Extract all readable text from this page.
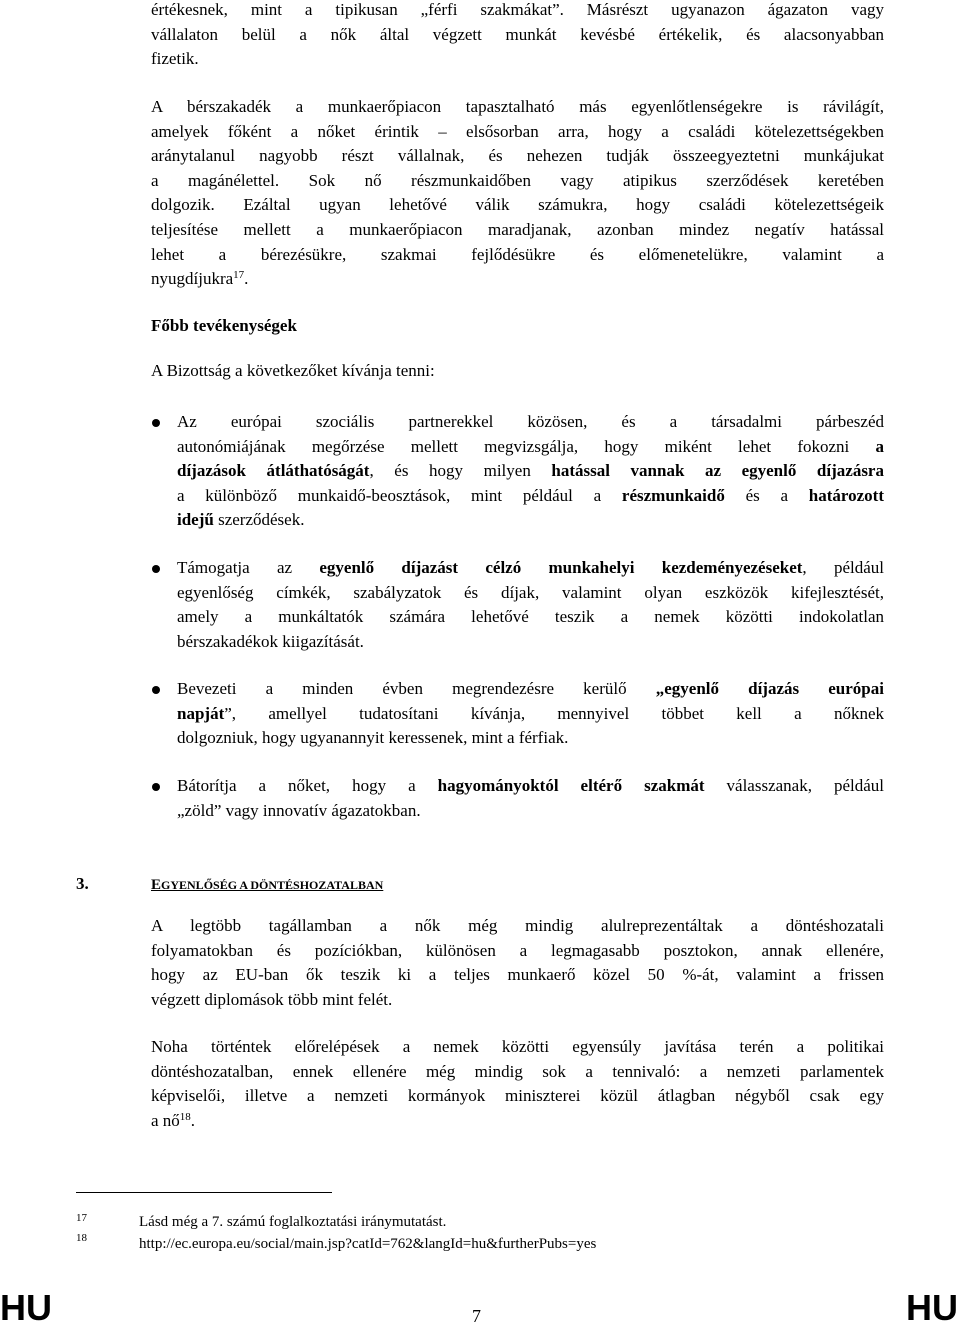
értékesnek, mint a tipikusan „férfi szakmákat”. Másrészt ugyanazon ágazaton vagy
vállalaton belül a nők által végzett munkát kevésbé értékelik, és alacsonyabban
fizetik.
A bérszakadék a munkaerőpiacon tapasztalható más egyenlőtlenségekre is rávilágít,
amelyek főként a nőket érintik – elsősorban arra, hogy a családi kötelezettségekben
aránytalanul nagyobb részt vállalnak, és nehezen tudják összeegyeztetni munkájukat
a magánélettel. Sok nő részmunkaidőben vagy atipikus szerződések keretében
dolgozik. Ezáltal ugyan lehetővé válik számukra, hogy családi kötelezettségeik
teljesítése mellett a munkaerőpiacon maradjanak, azonban mindez negatív hatással
lehet a bérezésükre, szakmai fejlődésükre és előmenetelükre, valamint a
nyugdíjukra$^{17}$.
Főbb tevékenységek
A Bizottság a következőket kívánja tenni:
Az európai szociális partnerekkel közösen, és a társadalmi párbeszéd
autonómiájának megőrzése mellett megvizsgálja, hogy miként lehet fokozni a
díjazások átláthatóságát, és hogy milyen hatással vannak az egyenlő díjazásra
a különböző munkaidő-beosztások, mint például a részmunkaidő és a határozott
idejű szerződések.
Támogatja az egyenlő díjazást célzó munkahelyi kezdeményezéseket, például
egyenlőség címkék, szabályzatok és díjak, valamint olyan eszközök kifejlesztését,
amely a munkáltatók számára lehetővé teszik a nemek közötti indokolatlan
bérszakadékok kiigazítását.
Bevezeti a minden évben megrendezésre kerülő „egyenlő díjazás európai
napját”, amellyel tudatosítani kívánja, mennyivel többet kell a nőknek
dolgozniuk, hogy ugyanannyit keressenek, mint a férfiak.
Bátorítja a nőket, hogy a hagyományoktól eltérő szakmát válasszanak, például
„zöld” vagy innovatív ágazatokban.
3.	EGYENLŐSÉG A DÖNTÉSHOZATALBAN
A legtöbb tagállamban a nők még mindig alulreprezentáltak a döntéshozatali
folyamatokban és pozíciókban, különösen a legmagasabb posztokon, annak ellenére,
hogy az EU-ban ők teszik ki a teljes munkaerő közel 50 %-át, valamint a frissen
végzett diplomások több mint felét.
Noha történtek előrelépések a nemek közötti egyensúly javítása terén a politikai
döntéshozatalban, ennek ellenére még mindig sok a tennivaló: a nemzeti parlamentek
képviselői, illetve a nemzeti kormányok miniszterei közül átlagban négyből csak egy
a $nő^{18}$.
17	Lásd még a 7. számú foglalkoztatási iránymutatást.
18	http://ec.europa.eu/social/main.jsp?catId=762&langId=hu&furtherPubs=yes
HU	7	HU
